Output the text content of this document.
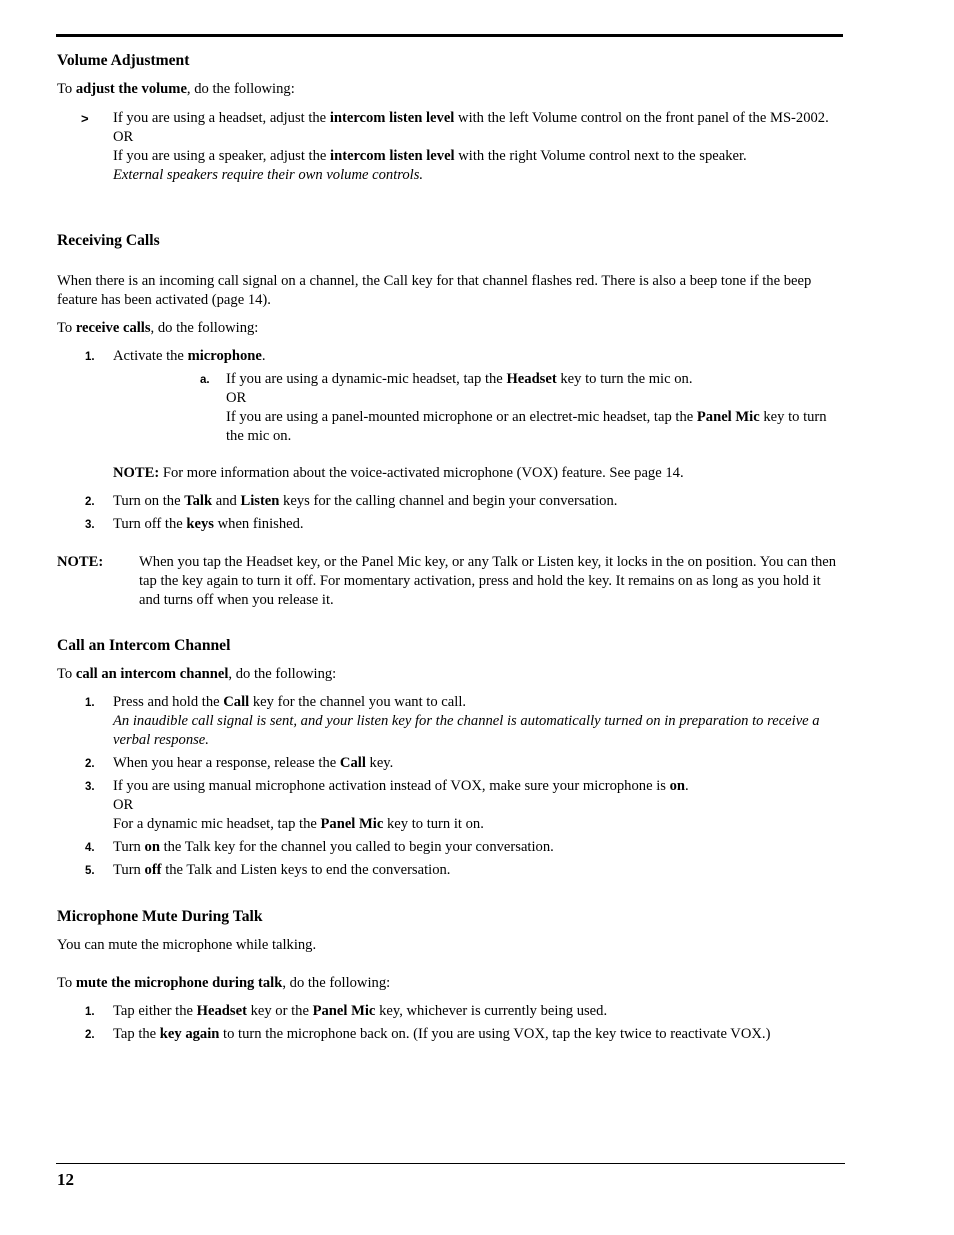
Volume Adjustment
To adjust the volume, do the following:
> If you are using a headset, adjust the intercom listen level with the left Volume control on the front panel of the MS-2002.
OR
If you are using a speaker, adjust the intercom listen level with the right Volume control next to the speaker.
External speakers require their own volume controls.
Receiving Calls
When there is an incoming call signal on a channel, the Call key for that channel flashes red. There is also a beep tone if the beep feature has been activated (page 14).
To receive calls, do the following:
1. Activate the microphone.
a. If you are using a dynamic-mic headset, tap the Headset key to turn the mic on.
OR
If you are using a panel-mounted microphone or an electret-mic headset, tap the Panel Mic key to turn the mic on.
NOTE: For more information about the voice-activated microphone (VOX) feature. See page 14.
2. Turn on the Talk and Listen keys for the calling channel and begin your conversation.
3. Turn off the keys when finished.
NOTE: When you tap the Headset key, or the Panel Mic key, or any Talk or Listen key, it locks in the on position. You can then tap the key again to turn it off. For momentary activation, press and hold the key. It remains on as long as you hold it and turns off when you release it.
Call an Intercom Channel
To call an intercom channel, do the following:
1. Press and hold the Call key for the channel you want to call.
An inaudible call signal is sent, and your listen key for the channel is automatically turned on in preparation to receive a verbal response.
2. When you hear a response, release the Call key.
3. If you are using manual microphone activation instead of VOX, make sure your microphone is on.
OR
For a dynamic mic headset, tap the Panel Mic key to turn it on.
4. Turn on the Talk key for the channel you called to begin your conversation.
5. Turn off the Talk and Listen keys to end the conversation.
Microphone Mute During Talk
You can mute the microphone while talking.
To mute the microphone during talk, do the following:
1. Tap either the Headset key or the Panel Mic key, whichever is currently being used.
2. Tap the key again to turn the microphone back on. (If you are using VOX, tap the key twice to reactivate VOX.)
12
